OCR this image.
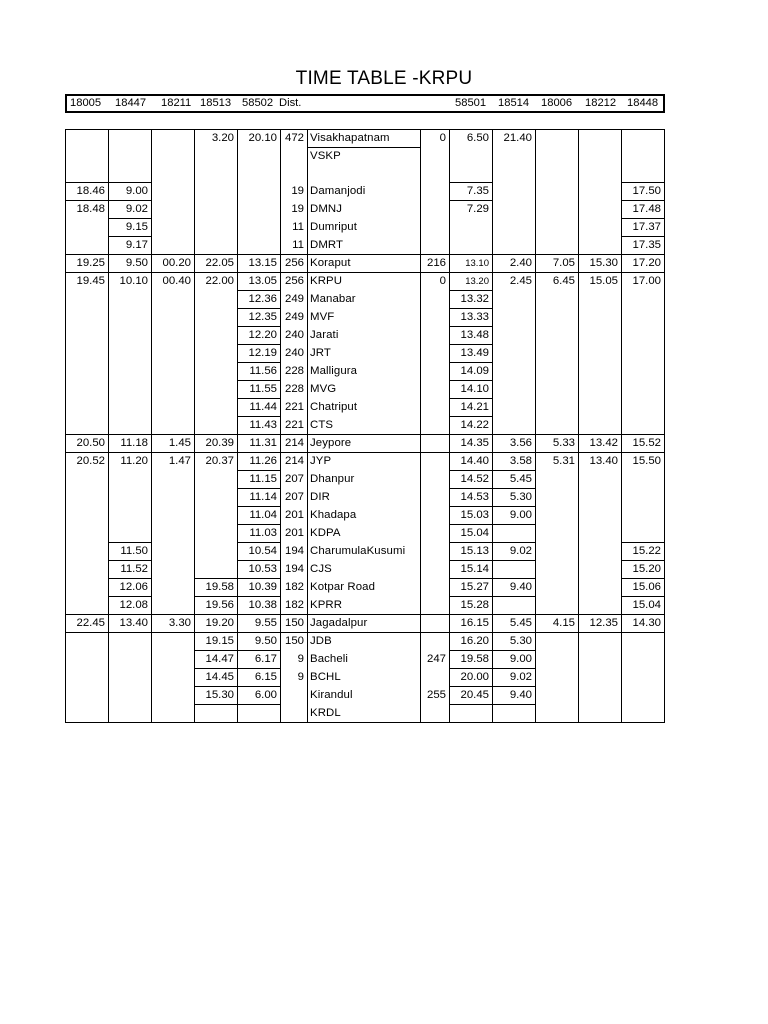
TIME TABLE -KRPU
18005 18447 18211 18513 58502 Dist.	58501 18514 18006 18212 18448
			3.20	20.10	472	Visakhapatnam	0	6.50	21.40			
						VSKP						

18.46	9.00				19	Damanjodi		7.35				17.50
18.48	9.02				19	DMNJ		7.29				17.48
	9.15				11	Dumriput						17.37
	9.17				11	DMRT						17.35
19.25	9.50	00.20	22.05	13.15	256	Koraput	216	13.10	2.40	7.05	15.30	17.20
19.45	10.10	00.40	22.00	13.05	256	KRPU	0	13.20	2.45	6.45	15.05	17.00
				12.36	249	Manabar		13.32				
				12.35	249	MVF		13.33				
				12.20	240	Jarati		13.48				
				12.19	240	JRT		13.49				
				11.56	228	Malligura		14.09				
				11.55	228	MVG		14.10				
				11.44	221	Chatriput		14.21				
				11.43	221	CTS		14.22				
20.50	11.18	1.45	20.39	11.31	214	Jeypore		14.35	3.56	5.33	13.42	15.52
20.52	11.20	1.47	20.37	11.26	214	JYP		14.40	3.58	5.31	13.40	15.50
				11.15	207	Dhanpur		14.52	5.45			
				11.14	207	DIR		14.53	5.30			
				11.04	201	Khadapa		15.03	9.00			
				11.03	201	KDPA		15.04				
	11.50			10.54	194	CharumulaKusumi		15.13	9.02			15.22
	11.52			10.53	194	CJS		15.14				15.20
	12.06		19.58	10.39	182	Kotpar Road		15.27	9.40			15.06
	12.08		19.56	10.38	182	KPRR		15.28				15.04
22.45	13.40	3.30	19.20	9.55	150	Jagadalpur		16.15	5.45	4.15	12.35	14.30
			19.15	9.50	150	JDB		16.20	5.30			
			14.47	6.17	9	Bacheli	247	19.58	9.00			
			14.45	6.15	9	BCHL		20.00	9.02			
			15.30	6.00		Kirandul	255	20.45	9.40			
						KRDL						
